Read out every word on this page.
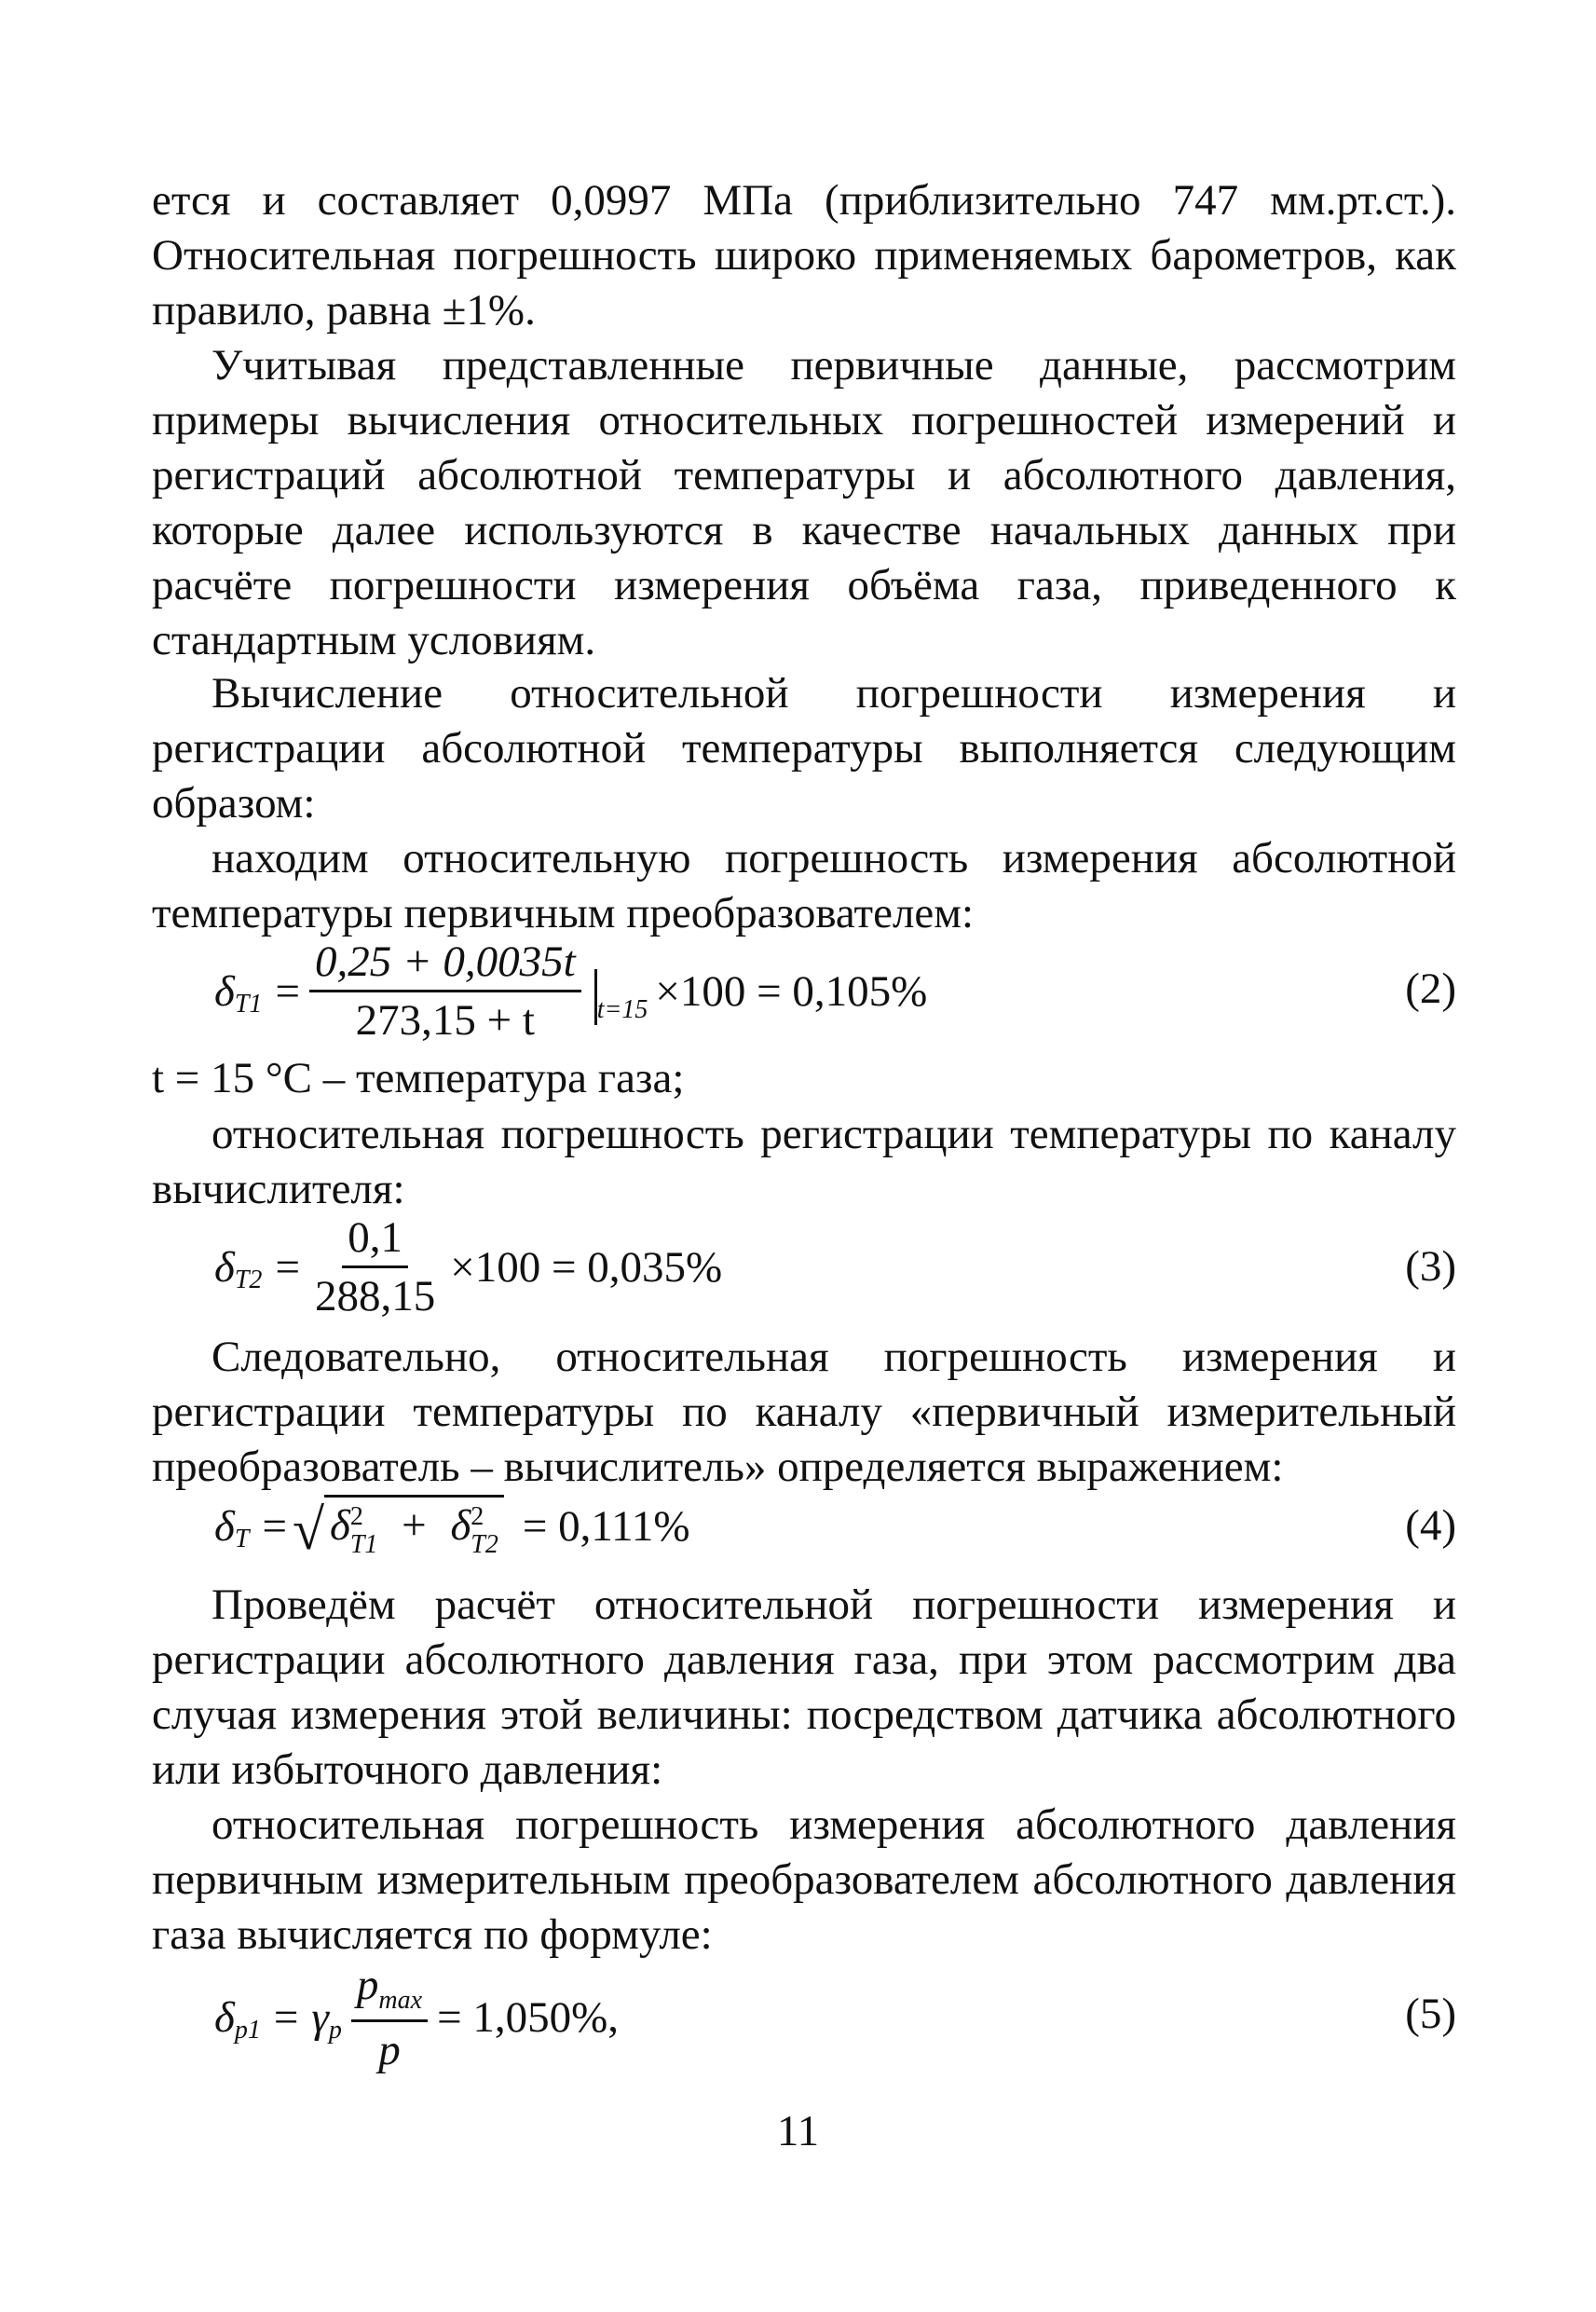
ется и составляет 0,0997 МПа (приблизительно 747 мм.рт.ст.). Относительная погрешность широко применяемых барометров, как правило, равна ±1%.

Учитывая представленные первичные данные, рассмотрим примеры вычисления относительных погрешностей измерений и регистраций абсолютной температуры и абсолютного давления, которые далее используются в качестве начальных данных при расчёте погрешности измерения объёма газа, приведенного к стандартным условиям.

Вычисление относительной погрешности измерения и регистрации абсолютной температуры выполняется следующим образом:

находим относительную погрешность измерения абсолютной температуры первичным преобразователем:

δ $T1 = \frac{0,25 + 0,0035t}{273,15 + t} t=15 \times 100 = 0,105\%$	(2)

t = 15 °С – температура газа;

относительная погрешность регистрации температуры по каналу вычислителя:

δ $T2 = \frac{0,1}{288,15} \times 100 = 0,035\%$	(3)

Следовательно, относительная погрешность измерения и регистрации температуры по каналу «первичный измерительный преобразователь – вычислитель» определяется выражением:

δ T = √ $\delta^2_{T1} + \delta^2_{T2} = 0,111\%$	(4)

Проведём расчёт относительной погрешности измерения и регистрации абсолютного давления газа, при этом рассмотрим два случая измерения этой величины: посредством датчика абсолютного или избыточного давления:

относительная погрешность измерения абсолютного давления первичным измерительным преобразователем абсолютного давления газа вычисляется по формуле:

δ p1 = γ p $\frac{p_{max}}{p} = 1,050\%$,	(5)
11
